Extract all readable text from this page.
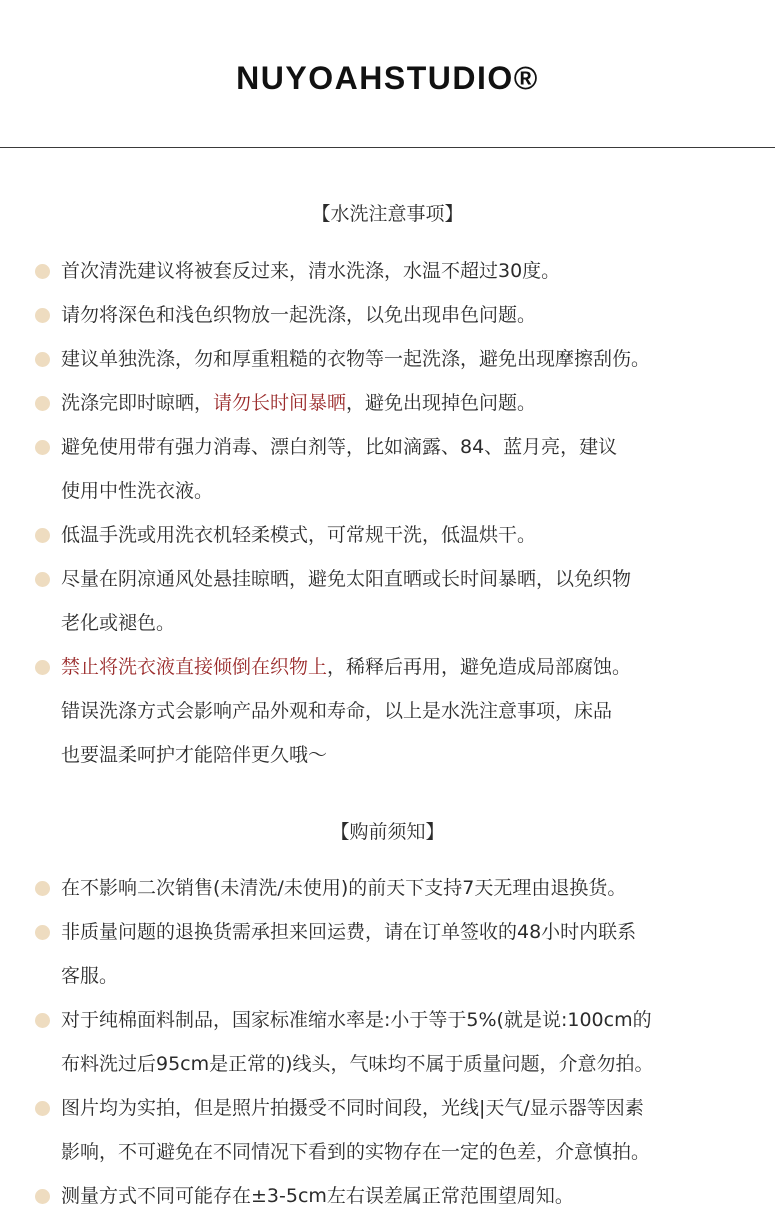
NUYOAHSTUDIO®
【水洗注意事项】
首次清洗建议将被套反过来，清水洗涤，水温不超过30度。
请勿将深色和浅色织物放一起洗涤，以免出现串色问题。
建议单独洗涤，勿和厚重粗糙的衣物等一起洗涤，避免出现摩擦刮伤。
洗涤完即时晾晒，请勿长时间暴晒，避免出现掉色问题。
避免使用带有强力消毒、漂白剂等，比如滴露、84、蓝月亮，建议
使用中性洗衣液。
低温手洗或用洗衣机轻柔模式，可常规干洗，低温烘干。
尽量在阴凉通风处悬挂晾晒，避免太阳直晒或长时间暴晒，以免织物
老化或褪色。
禁止将洗衣液直接倾倒在织物上，稀释后再用，避免造成局部腐蚀。
错误洗涤方式会影响产品外观和寿命，以上是水洗注意事项，床品
也要温柔呵护才能陪伴更久哦～
【购前须知】
在不影响二次销售(未清洗/未使用)的前天下支持7天无理由退换货。
非质量问题的退换货需承担来回运费，请在订单签收的48小时内联系
客服。
对于纯棉面料制品，国家标准缩水率是:小于等于5%(就是说:100cm的
布料洗过后95cm是正常的)线头，气味均不属于质量问题，介意勿拍。
图片均为实拍，但是照片拍摄受不同时间段，光线|天气/显示器等因素
影响，不可避免在不同情况下看到的实物存在一定的色差，介意慎拍。
测量方式不同可能存在±3-5cm左右误差属正常范围望周知。
